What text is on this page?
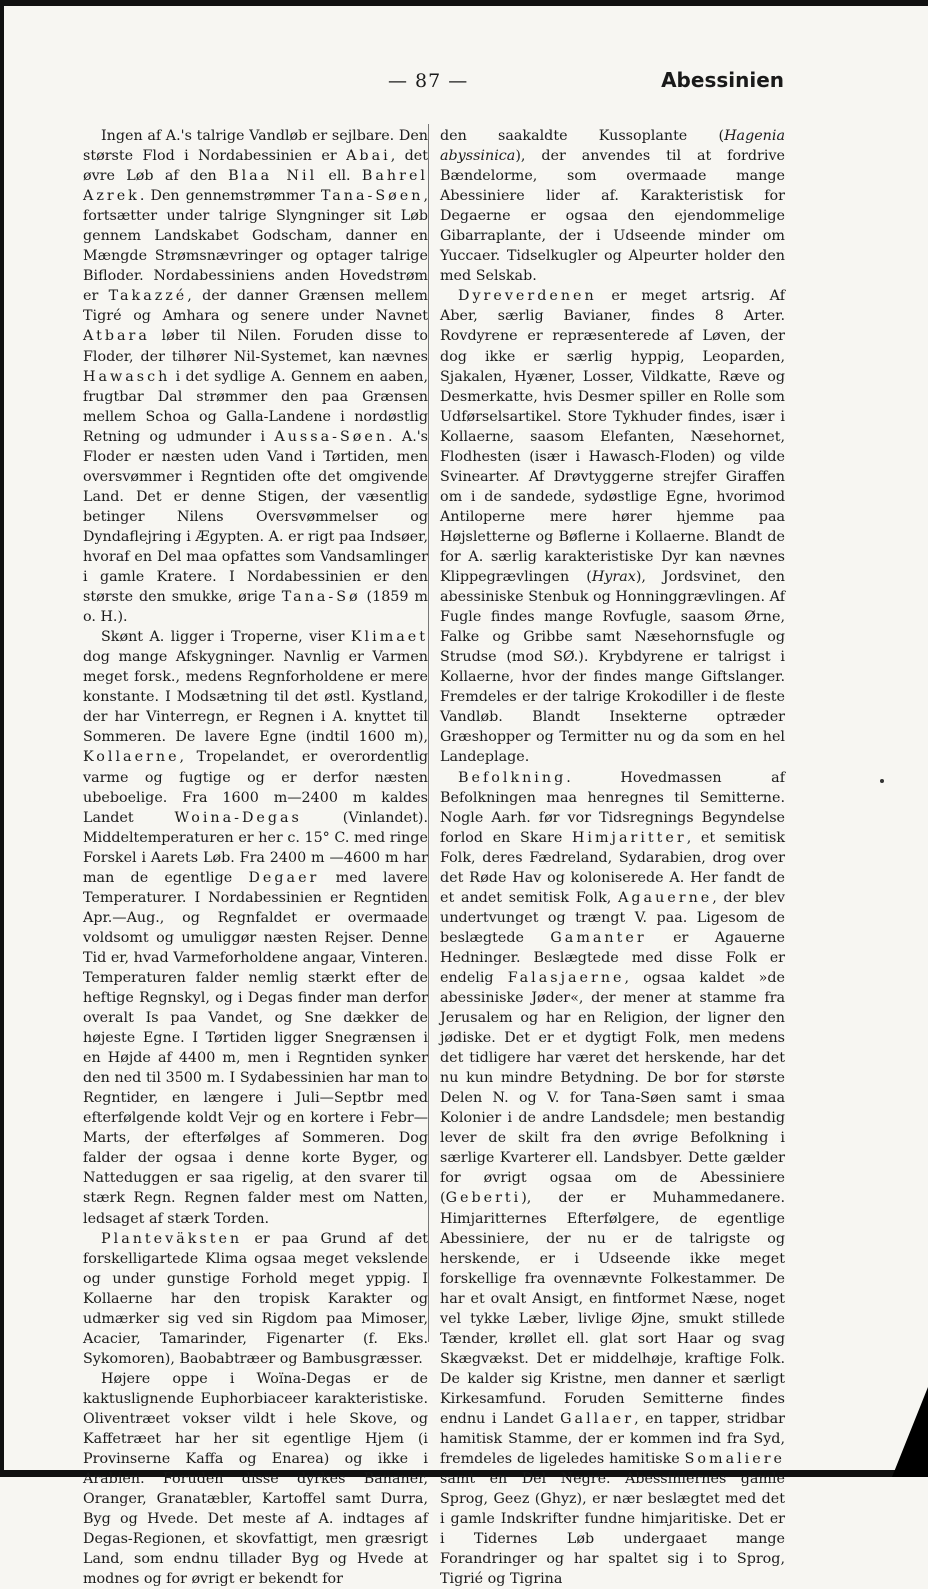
— 87 —	Abessinien

Ingen af A.'s talrige Vandløb er sejlbare. Den største Flod i Nordabessinien er Abai, det øvre Løb af den Blaa Nil ell. Bahrel Azrek. Den gennemstrømmer Tana-Søen, fortsætter under talrige Slyngninger sit Løb gennem Landskabet Godscham, danner en Mængde Strømsnævringer og optager talrige Bifloder. Nordabessiniens anden Hovedstrøm er Takazzé, der danner Grænsen mellem Tigré og Amhara og senere under Navnet Atbara løber til Nilen. Foruden disse to Floder, der tilhører Nil-Systemet, kan nævnes Hawasch i det sydlige A. Gennem en aaben, frugtbar Dal strømmer den paa Grænsen mellem Schoa og Galla-Landene i nordøstlig Retning og udmunder i Aussa-Søen. A.'s Floder er næsten uden Vand i Tørtiden, men oversvømmer i Regntiden ofte det omgivende Land. Det er denne Stigen, der væsentlig betinger Nilens Oversvømmelser og Dyndaflejring i Ægypten. A. er rigt paa Indsøer, hvoraf en Del maa opfattes som Vandsamlinger i gamle Kratere. I Nordabessinien er den største den smukke, ørige Tana-Sø (1859 m o. H.).

Skønt A. ligger i Troperne, viser Klimaet dog mange Afskygninger. Navnlig er Varmen meget forsk., medens Regnforholdene er mere konstante. I Modsætning til det østl. Kystland, der har Vinterregn, er Regnen i A. knyttet til Sommeren. De lavere Egne (indtil 1600 m), Kollaerne, Tropelandet, er overordentlig varme og fugtige og er derfor næsten ubeboelige. Fra 1600 m—2400 m kaldes Landet Woina-Degas (Vinlandet). Middeltemperaturen er her c. 15° C. med ringe Forskel i Aarets Løb. Fra 2400 m —4600 m har man de egentlige Degaer med lavere Temperaturer. I Nordabessinien er Regntiden Apr.—Aug., og Regnfaldet er overmaade voldsomt og umuliggør næsten Rejser. Denne Tid er, hvad Varmeforholdene angaar, Vinteren. Temperaturen falder nemlig stærkt efter de heftige Regnskyl, og i Degas finder man derfor overalt Is paa Vandet, og Sne dækker de højeste Egne. I Tørtiden ligger Snegrænsen i en Højde af 4400 m, men i Regntiden synker den ned til 3500 m. I Sydabessinien har man to Regntider, en længere i Juli—Septbr med efterfølgende koldt Vejr og en kortere i Febr—Marts, der efterfølges af Sommeren. Dog falder der ogsaa i denne korte Byger, og Natteduggen er saa rigelig, at den svarer til stærk Regn. Regnen falder mest om Natten, ledsaget af stærk Torden.

Planteväksten er paa Grund af det forskelligartede Klima ogsaa meget vekslende og under gunstige Forhold meget yppig. I Kollaerne har den tropisk Karakter og udmærker sig ved sin Rigdom paa Mimoser, Acacier, Tamarinder, Figenarter (f. Eks. Sykomoren), Baobabtræer og Bambusgræsser.

Højere oppe i Woïna-Degas er de kaktuslignende Euphorbiaceer karakteristiske. Oliventræet vokser vildt i hele Skove, og Kaffetræet har her sit egentlige Hjem (i Provinserne Kaffa og Enarea) og ikke i Arabien. Foruden disse dyrkes Bananer, Oranger, Granatæbler, Kartoffel samt Durra, Byg og Hvede. Det meste af A. indtages af Degas-Regionen, et skovfattigt, men græsrigt Land, som endnu tillader Byg og Hvede at modnes og for øvrigt er bekendt for

den saakaldte Kussoplante (Hagenia abyssinica), der anvendes til at fordrive Bændelorme, som overmaade mange Abessiniere lider af. Karakteristisk for Degaerne er ogsaa den ejendommelige Gibarraplante, der i Udseende minder om Yuccaer. Tidselkugler og Alpeurter holder den med Selskab.

Dyreverdenen er meget artsrig. Af Aber, særlig Bavianer, findes 8 Arter. Rovdyrene er repræsenterede af Løven, der dog ikke er særlig hyppig, Leoparden, Sjakalen, Hyæner, Losser, Vildkatte, Ræve og Desmerkatte, hvis Desmer spiller en Rolle som Udførselsartikel. Store Tykhuder findes, især i Kollaerne, saasom Elefanten, Næsehornet, Flodhesten (især i Hawasch-Floden) og vilde Svinearter. Af Drøvtyggerne strejfer Giraffen om i de sandede, sydøstlige Egne, hvorimod Antiloperne mere hører hjemme paa Højsletterne og Bøflerne i Kollaerne. Blandt de for A. særlig karakteristiske Dyr kan nævnes Klippegrævlingen (Hyrax), Jordsvinet, den abessiniske Stenbuk og Honninggrævlingen. Af Fugle findes mange Rovfugle, saasom Ørne, Falke og Gribbe samt Næsehornsfugle og Strudse (mod SØ.). Krybdyrene er talrigst i Kollaerne, hvor der findes mange Giftslanger. Fremdeles er der talrige Krokodiller i de fleste Vandløb. Blandt Insekterne optræder Græshopper og Termitter nu og da som en hel Landeplage.

Befolkning. Hovedmassen af Befolkningen maa henregnes til Semitterne. Nogle Aarh. før vor Tidsregnings Begyndelse forlod en Skare Himjaritter, et semitisk Folk, deres Fædreland, Sydarabien, drog over det Røde Hav og koloniserede A. Her fandt de et andet semitisk Folk, Agauerne, der blev undertvunget og trængt V. paa. Ligesom de beslægtede Gamanter er Agauerne Hedninger. Beslægtede med disse Folk er endelig Falasjaerne, ogsaa kaldet »de abessiniske Jøder«, der mener at stamme fra Jerusalem og har en Religion, der ligner den jødiske. Det er et dygtigt Folk, men medens det tidligere har været det herskende, har det nu kun mindre Betydning. De bor for største Delen N. og V. for Tana-Søen samt i smaa Kolonier i de andre Landsdele; men bestandig lever de skilt fra den øvrige Befolkning i særlige Kvarterer ell. Landsbyer. Dette gælder for øvrigt ogsaa om de Abessiniere (Geberti), der er Muhammedanere. Himjaritternes Efterfølgere, de egentlige Abessiniere, der nu er de talrigste og herskende, er i Udseende ikke meget forskellige fra ovennævnte Folkestammer. De har et ovalt Ansigt, en fintformet Næse, noget vel tykke Læber, livlige Øjne, smukt stillede Tænder, krøllet ell. glat sort Haar og svag Skægvækst. Det er middelhøje, kraftige Folk. De kalder sig Kristne, men danner et særligt Kirkesamfund. Foruden Semitterne findes endnu i Landet Gallaer, en tapper, stridbar hamitisk Stamme, der er kommen ind fra Syd, fremdeles de ligeledes hamitiske Somaliere samt en Del Negre. Abessiniernes gamle Sprog, Geez (Ghyz), er nær beslægtet med det i gamle Indskrifter fundne himjaritiske. Det er i Tidernes Løb undergaaet mange Forandringer og har spaltet sig i to Sprog, Tigrié og Tigrina
